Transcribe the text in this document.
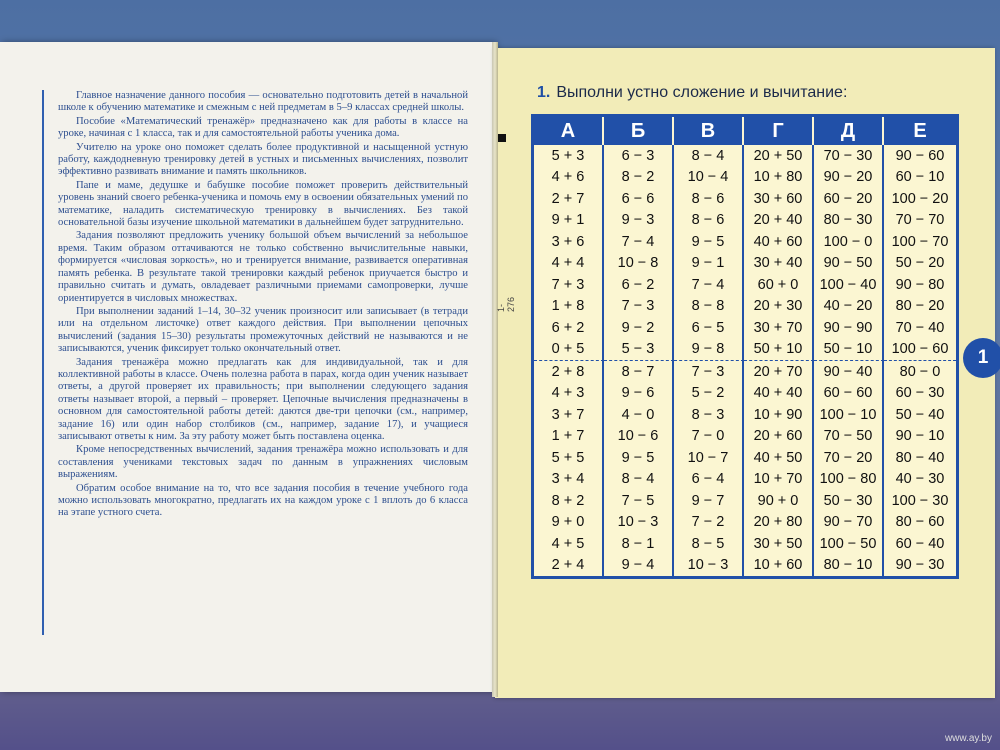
Главное назначение данного пособия — основательно подготовить детей в начальной школе к обучению математике и смежным с ней предметам в 5–9 классах средней школы.

Пособие «Математический тренажёр» предназначено как для работы в классе на уроке, начиная с 1 класса, так и для самостоятельной работы ученика дома.

Учителю на уроке оно поможет сделать более продуктивной и насыщенной устную работу, каждодневную тренировку детей в устных и письменных вычислениях, позволит эффективно развивать внимание и память школьников.

Папе и маме, дедушке и бабушке пособие поможет проверить действительный уровень знаний своего ребенка-ученика и помочь ему в освоении обязательных умений по математике, наладить систематическую тренировку в вычислениях. Без такой основательной базы изучение школьной математики в дальнейшем будет затруднительно.

Задания позволяют предложить ученику большой объем вычислений за небольшое время. Таким образом оттачиваются не только собственно вычислительные навыки, формируется «числовая зоркость», но и тренируется внимание, развивается оперативная память ребенка. В результате такой тренировки каждый ребенок приучается быстро и правильно считать и думать, овладевает различными приемами самопроверки, лучше ориентируется в числовых множествах.

При выполнении заданий 1–14, 30–32 ученик произносит или записывает (в тетради или на отдельном листочке) ответ каждого действия. При выполнении цепочных вычислений (задания 15–30) результаты промежуточных действий не называются и не записываются, ученик фиксирует только окончательный ответ.

Задания тренажёра можно предлагать как для индивидуальной, так и для коллективной работы в классе. Очень полезна работа в парах, когда один ученик называет ответы, а другой проверяет их правильность; при выполнении следующего задания ответы называет второй, а первый – проверяет. Цепочные вычисления предназначены в основном для самостоятельной работы детей: даются две-три цепочки (см., например, задание 16) или один набор столбиков (см., например, задание 17), и учащиеся записывают ответы к ним. За эту работу может быть поставлена оценка.

Кроме непосредственных вычислений, задания тренажёра можно использовать и для составления учениками текстовых задач по данным в упражнениях числовым выражениям.

Обратим особое внимание на то, что все задания пособия в течение учебного года можно использовать многократно, предлагать их на каждом уроке с 1 вплоть до 6 класса на этапе устного счета.

1. Выполни устно сложение и вычитание:
А	Б	В	Г	Д	Е
5 + 3	6 − 3	8 − 4	20 + 50	70 − 30	90 − 60
4 + 6	8 − 2	10 − 4	10 + 80	90 − 20	60 − 10
2 + 7	6 − 6	8 − 6	30 + 60	60 − 20	100 − 20
9 + 1	9 − 3	8 − 6	20 + 40	80 − 30	70 − 70
3 + 6	7 − 4	9 − 5	40 + 60	100 − 0	100 − 70
4 + 4	10 − 8	9 − 1	30 + 40	90 − 50	50 − 20
7 + 3	6 − 2	7 − 4	60 + 0	100 − 40	90 − 80
1 + 8	7 − 3	8 − 8	20 + 30	40 − 20	80 − 20
6 + 2	9 − 2	6 − 5	30 + 70	90 − 90	70 − 40
0 + 5	5 − 3	9 − 8	50 + 10	50 − 10	100 − 60
2 + 8	8 − 7	7 − 3	20 + 70	90 − 40	80 − 0
4 + 3	9 − 6	5 − 2	40 + 40	60 − 60	60 − 30
3 + 7	4 − 0	8 − 3	10 + 90	100 − 10	50 − 40
1 + 7	10 − 6	7 − 0	20 + 60	70 − 50	90 − 10
5 + 5	9 − 5	10 − 7	40 + 50	70 − 20	80 − 40
3 + 4	8 − 4	6 − 4	10 + 70	100 − 80	40 − 30
8 + 2	7 − 5	9 − 7	90 + 0	50 − 30	100 − 30
9 + 0	10 − 3	7 − 2	20 + 80	90 − 70	80 − 60
4 + 5	8 − 1	8 − 5	30 + 50	100 − 50	60 − 40
2 + 4	9 − 4	10 − 3	10 + 60	80 − 10	90 − 30
1
1-276
www.ay.by
